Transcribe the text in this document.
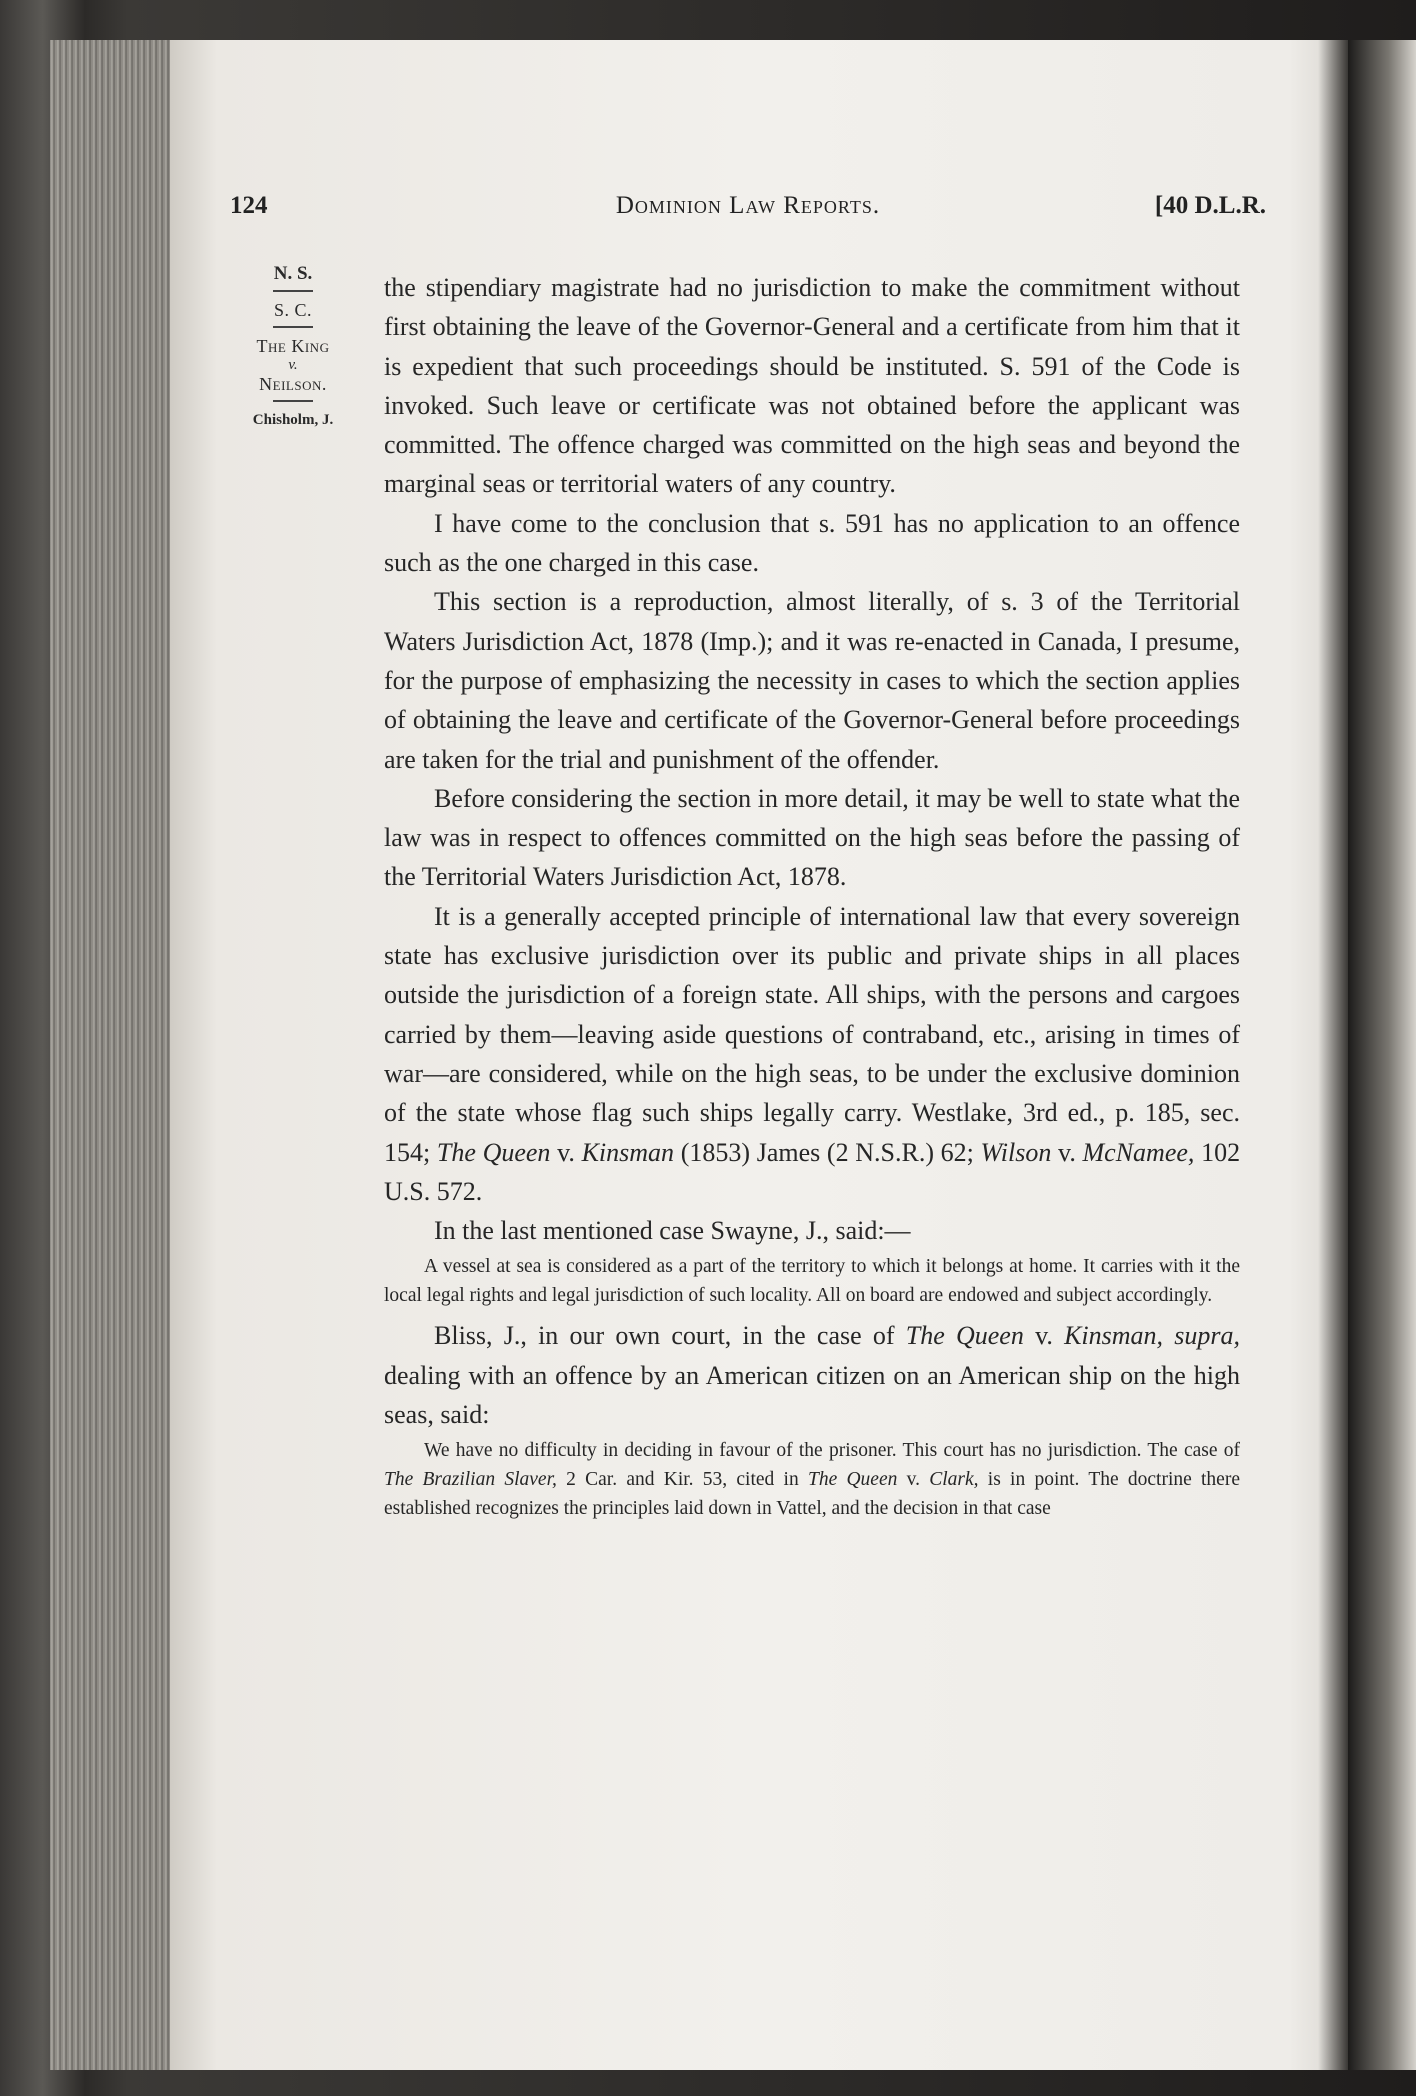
Dominion Law Reports.
124	[40 D.L.R.
N. S.
S. C.
The King
v.
Neilson.
Chisholm, J.

the stipendiary magistrate had no jurisdiction to make the commitment without first obtaining the leave of the Governor-General and a certificate from him that it is expedient that such proceedings should be instituted. S. 591 of the Code is invoked. Such leave or certificate was not obtained before the applicant was committed. The offence charged was committed on the high seas and beyond the marginal seas or territorial waters of any country.

I have come to the conclusion that s. 591 has no application to an offence such as the one charged in this case.

This section is a reproduction, almost literally, of s. 3 of the Territorial Waters Jurisdiction Act, 1878 (Imp.); and it was re-enacted in Canada, I presume, for the purpose of emphasizing the necessity in cases to which the section applies of obtaining the leave and certificate of the Governor-General before proceedings are taken for the trial and punishment of the offender.

Before considering the section in more detail, it may be well to state what the law was in respect to offences committed on the high seas before the passing of the Territorial Waters Jurisdiction Act, 1878.

It is a generally accepted principle of international law that every sovereign state has exclusive jurisdiction over its public and private ships in all places outside the jurisdiction of a foreign state. All ships, with the persons and cargoes carried by them—leaving aside questions of contraband, etc., arising in times of war—are considered, while on the high seas, to be under the exclusive dominion of the state whose flag such ships legally carry. Westlake, 3rd ed., p. 185, sec. 154; The Queen v. Kinsman (1853) James (2 N.S.R.) 62; Wilson v. McNamee, 102 U.S. 572.

In the last mentioned case Swayne, J., said:—

A vessel at sea is considered as a part of the territory to which it belongs at home. It carries with it the local legal rights and legal jurisdiction of such locality. All on board are endowed and subject accordingly.

Bliss, J., in our own court, in the case of The Queen v. Kinsman, supra, dealing with an offence by an American citizen on an American ship on the high seas, said:

We have no difficulty in deciding in favour of the prisoner. This court has no jurisdiction. The case of The Brazilian Slaver, 2 Car. and Kir. 53, cited in The Queen v. Clark, is in point. The doctrine there established recognizes the principles laid down in Vattel, and the decision in that case
